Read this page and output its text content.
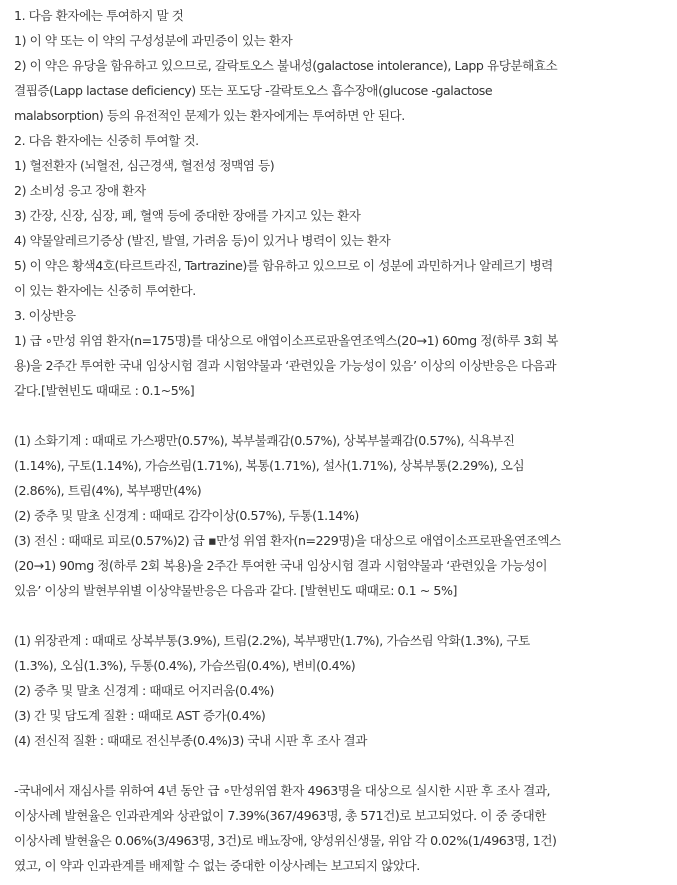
1. 다음 환자에는 투여하지 말 것
1) 이 약 또는 이 약의 구성성분에 과민증이 있는 환자
2) 이 약은 유당을 함유하고 있으므로, 갈락토오스 불내성(galactose intolerance), Lapp 유당분해효소
결핍증(Lapp lactase deficiency) 또는 포도당 -갈락토오스 흡수장애(glucose -galactose
malabsorption) 등의 유전적인 문제가 있는 환자에게는 투여하면 안 된다.
2. 다음 환자에는 신중히 투여할 것.
1) 혈전환자 (뇌혈전, 심근경색, 혈전성 정맥염 등)
2) 소비성 응고 장애 환자
3) 간장, 신장, 심장, 폐, 혈액 등에 중대한 장애를 가지고 있는 환자
4) 약물알레르기증상 (발진, 발열, 가려움 등)이 있거나 병력이 있는 환자
5) 이 약은 황색4호(타르트라진, Tartrazine)를 함유하고 있으므로 이 성분에 과민하거나 알레르기 병력
이 있는 환자에는 신중히 투여한다.
3. 이상반응
1) 급 ∘만성 위염 환자(n=175명)를 대상으로 애엽이소프로판올연조엑스(20→1) 60mg 정(하루 3회 복
용)을 2주간 투여한 국내 임상시험 결과 시험약물과 ‘관련있을 가능성이 있음’ 이상의 이상반응은 다음과
같다.[발현빈도 때때로 : 0.1~5%]
(1) 소화기계 : 때때로 가스팽만(0.57%), 복부불쾌감(0.57%), 상복부불쾌감(0.57%), 식욕부진
(1.14%), 구토(1.14%), 가슴쓰림(1.71%), 복통(1.71%), 설사(1.71%), 상복부통(2.29%), 오심
(2.86%), 트림(4%), 복부팽만(4%)
(2) 중추 및 말초 신경계 : 때때로 감각이상(0.57%), 두통(1.14%)
(3) 전신 : 때때로 피로(0.57%)2) 급 ▪만성 위염 환자(n=229명)을 대상으로 애엽이소프로판올연조엑스
(20→1) 90mg 정(하루 2회 복용)을 2주간 투여한 국내 임상시험 결과 시험약물과 ‘관련있을 가능성이
있음’ 이상의 발현부위별 이상약물반응은 다음과 같다. [발현빈도 때때로: 0.1 ~ 5%]
(1) 위장관계 : 때때로 상복부통(3.9%), 트림(2.2%), 복부팽만(1.7%), 가슴쓰림 악화(1.3%), 구토
(1.3%), 오심(1.3%), 두통(0.4%), 가슴쓰림(0.4%), 변비(0.4%)
(2) 중추 및 말초 신경계 : 때때로 어지러움(0.4%)
(3) 간 및 담도계 질환 : 때때로 AST 증가(0.4%)
(4) 전신적 질환 : 때때로 전신부종(0.4%)3) 국내 시판 후 조사 결과
-국내에서 재심사를 위하여 4년 동안 급 ∘만성위염 환자 4963명을 대상으로 실시한 시판 후 조사 결과,
이상사례 발현율은 인과관계와 상관없이 7.39%(367/4963명, 총 571건)로 보고되었다. 이 중 중대한
이상사례 발현율은 0.06%(3/4963명, 3건)로 배뇨장애, 양성위신생물, 위암 각 0.02%(1/4963명, 1건)
였고, 이 약과 인과관계를 배제할 수 없는 중대한 이상사례는 보고되지 않았다.
